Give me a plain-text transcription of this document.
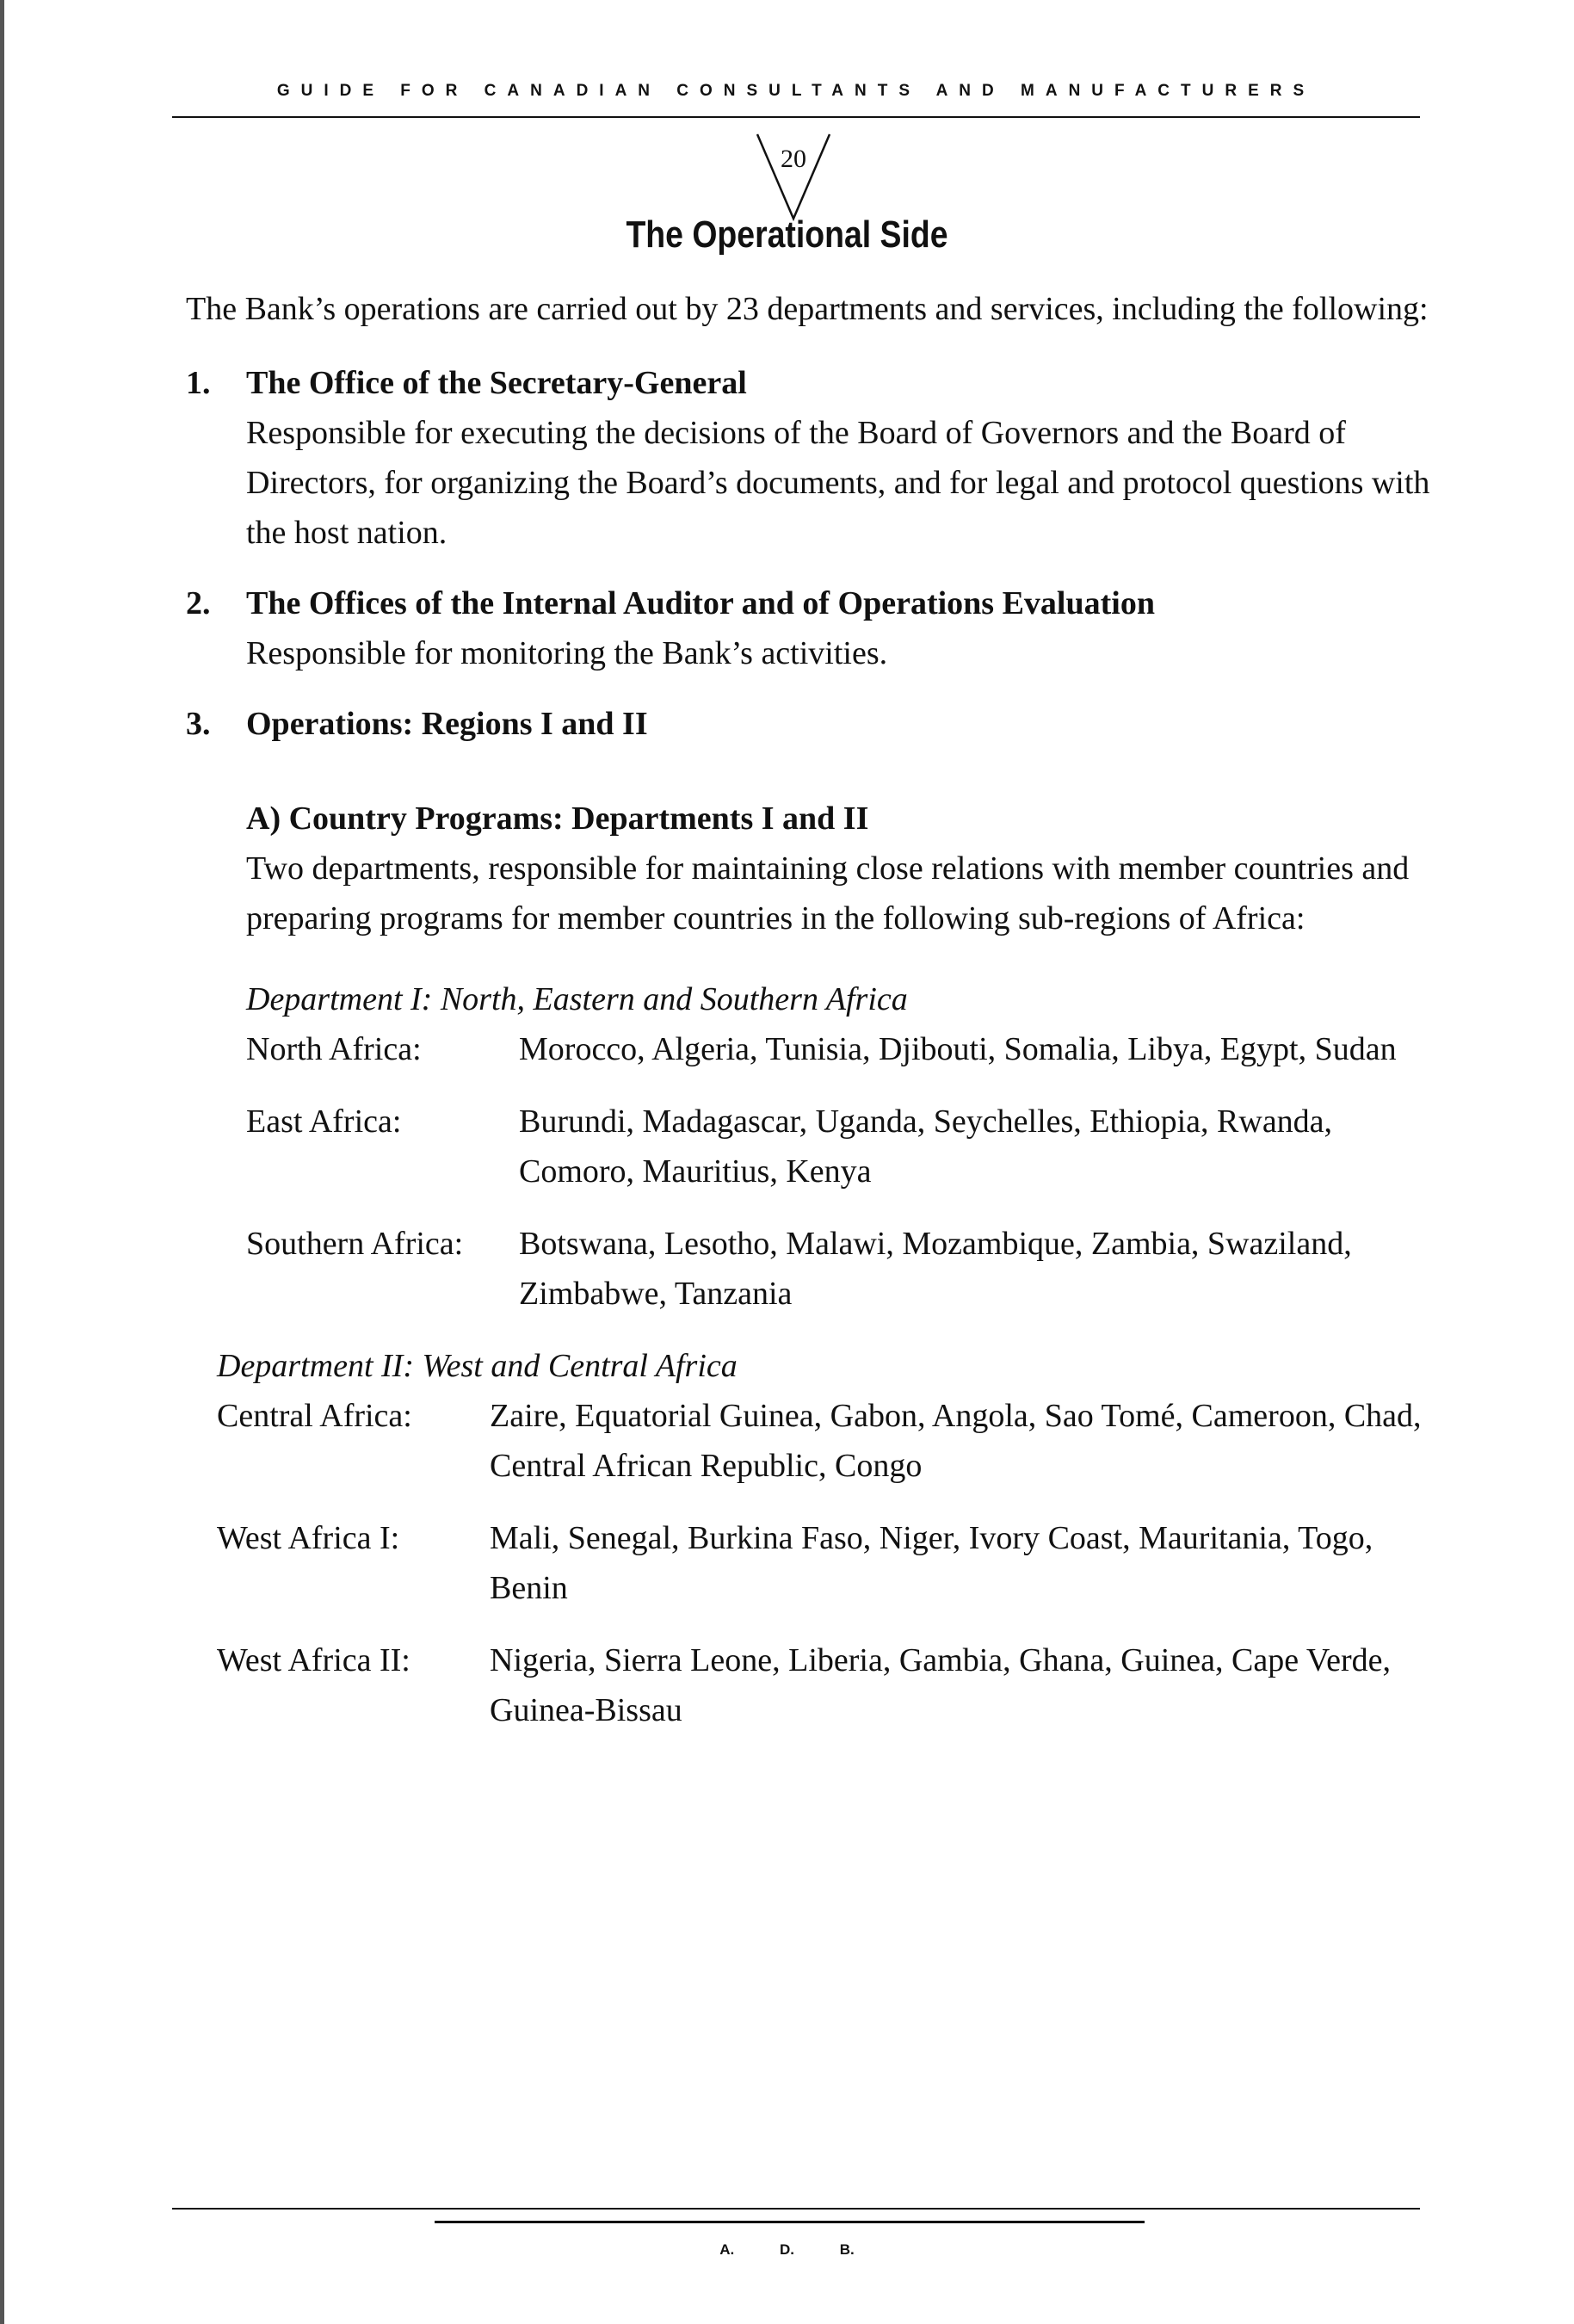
GUIDE FOR CANADIAN CONSULTANTS AND MANUFACTURERS
20
The Operational Side

The Bank’s operations are carried out by 23 departments and services, including the following:

1.	The Office of the Secretary-General

Responsible for executing the decisions of the Board of Governors and the Board of Directors, for organizing the Board’s documents, and for legal and protocol questions with the host nation.

2.	The Offices of the Internal Auditor and of Operations Evaluation

Responsible for monitoring the Bank’s activities.

3.	Operations: Regions I and II

A) Country Programs: Departments I and II

Two departments, responsible for maintaining close relations with member countries and preparing programs for member countries in the following sub-regions of Africa:

Department I: North, Eastern and Southern Africa

North Africa:	Morocco, Algeria, Tunisia, Djibouti, Somalia, Libya, Egypt, Sudan
East Africa:	Burundi, Madagascar, Uganda, Seychelles, Ethiopia, Rwanda, Comoro, Mauritius, Kenya
Southern Africa:	Botswana, Lesotho, Malawi, Mozambique, Zambia, Swaziland, Zimbabwe, Tanzania

Department II: West and Central Africa

Central Africa:	Zaire, Equatorial Guinea, Gabon, Angola, Sao Tomé, Cameroon, Chad, Central African Republic, Congo
West Africa I:	Mali, Senegal, Burkina Faso, Niger, Ivory Coast, Mauritania, Togo, Benin
West Africa II:	Nigeria, Sierra Leone, Liberia, Gambia, Ghana, Guinea, Cape Verde, Guinea-Bissau
A. D. B.
